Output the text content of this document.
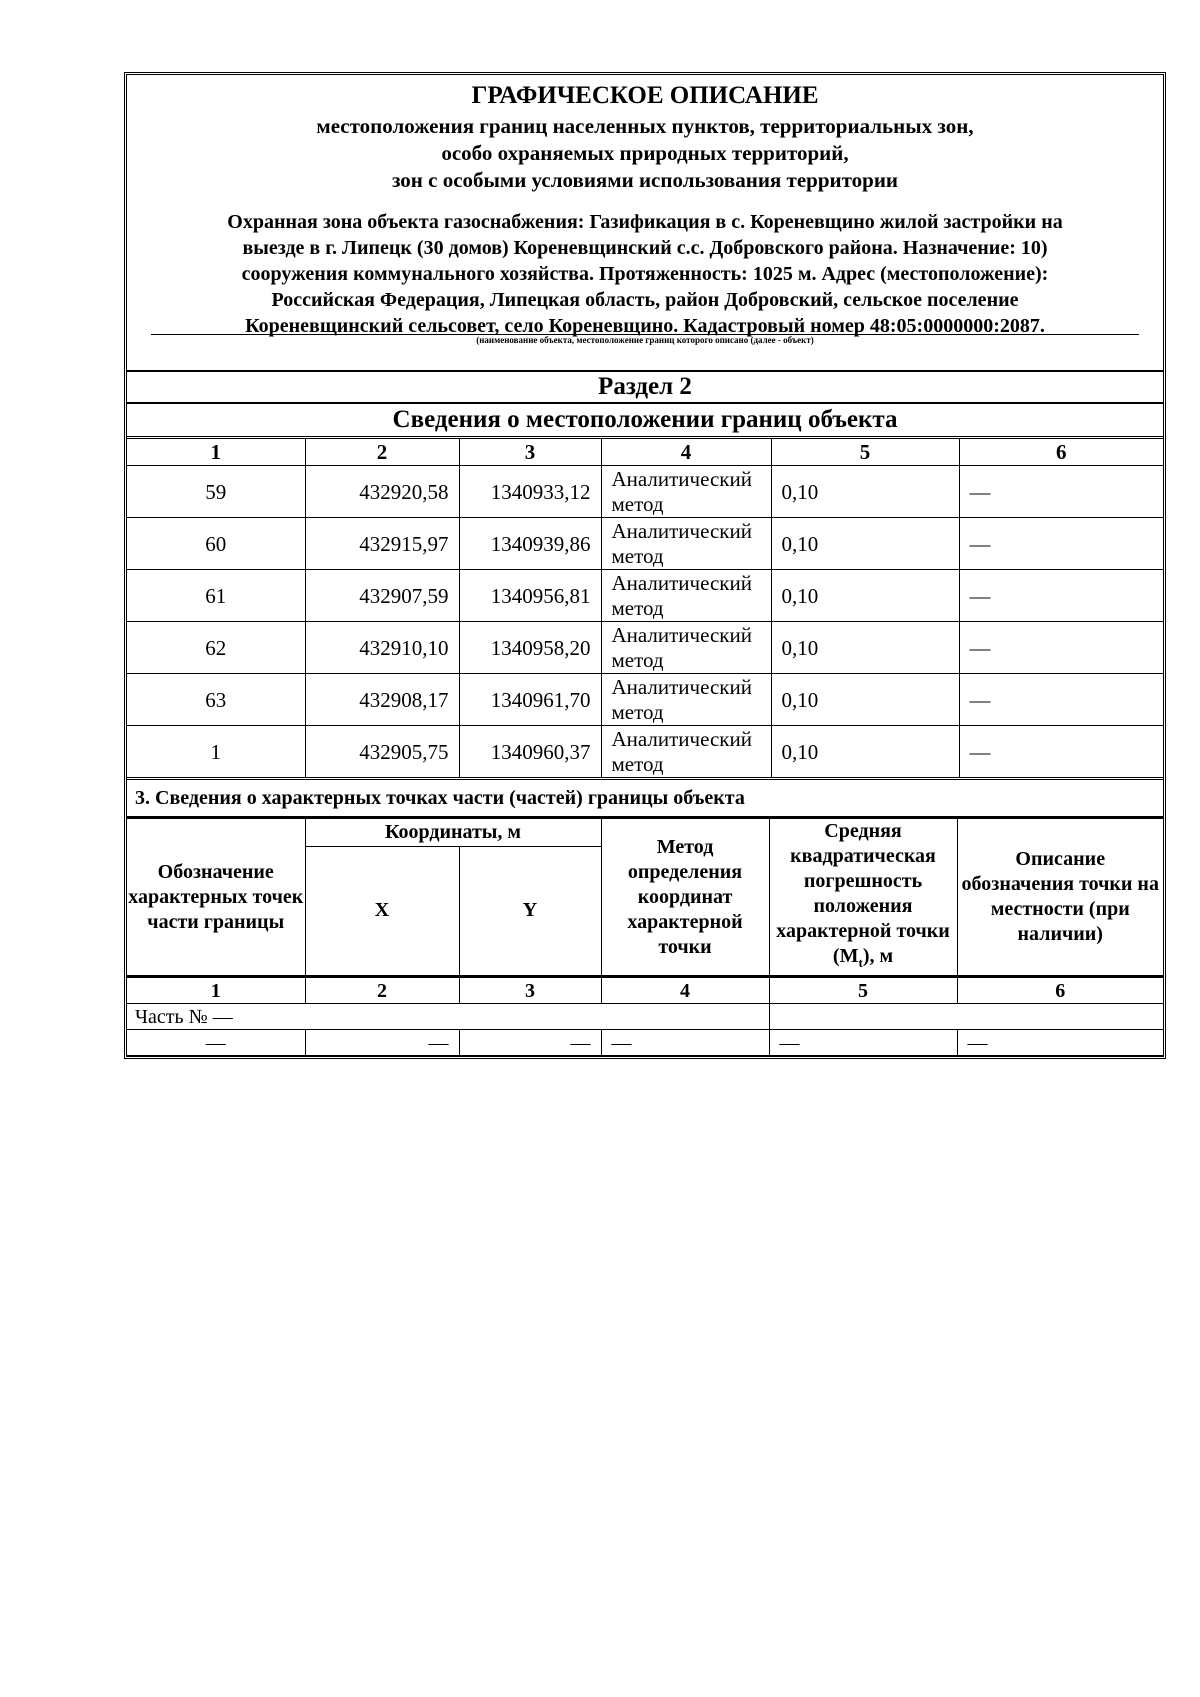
ГРАФИЧЕСКОЕ ОПИСАНИЕ
местоположения границ населенных пунктов, территориальных зон,
особо охраняемых природных территорий,
зон с особыми условиями использования территории
Охранная зона объекта газоснабжения: Газификация в с. Кореневщино жилой застройки на
выезде в г. Липецк (30 домов) Кореневщинский с.с. Добровского района. Назначение: 10)
сооружения коммунального хозяйства. Протяженность: 1025 м. Адрес (местоположение):
Российская Федерация, Липецкая область, район Добровский, сельское поселение
Кореневщинский сельсовет, село Кореневщино. Кадастровый номер 48:05:0000000:2087.
(наименование объекта, местоположение границ которого описано (далее - объект)
Раздел 2
Сведения о местоположении границ объекта
1	2	3	4	5	6
59	432920,58	1340933,12	Аналитический метод	0,10	—
60	432915,97	1340939,86	Аналитический метод	0,10	—
61	432907,59	1340956,81	Аналитический метод	0,10	—
62	432910,10	1340958,20	Аналитический метод	0,10	—
63	432908,17	1340961,70	Аналитический метод	0,10	—
1	432905,75	1340960,37	Аналитический метод	0,10	—
3. Сведения о характерных точках части (частей) границы объекта
Обозначение характерных точек части границы	Координаты, м		Метод определения координат характерной точки	Средняя квадратическая погрешность положения характерной точки $(M_t)$, м	Описание обозначения точки на местности (при наличии)
	X	Y			
1	2	3	4	5	6
Часть № —					
—	—	—	—	—	—
